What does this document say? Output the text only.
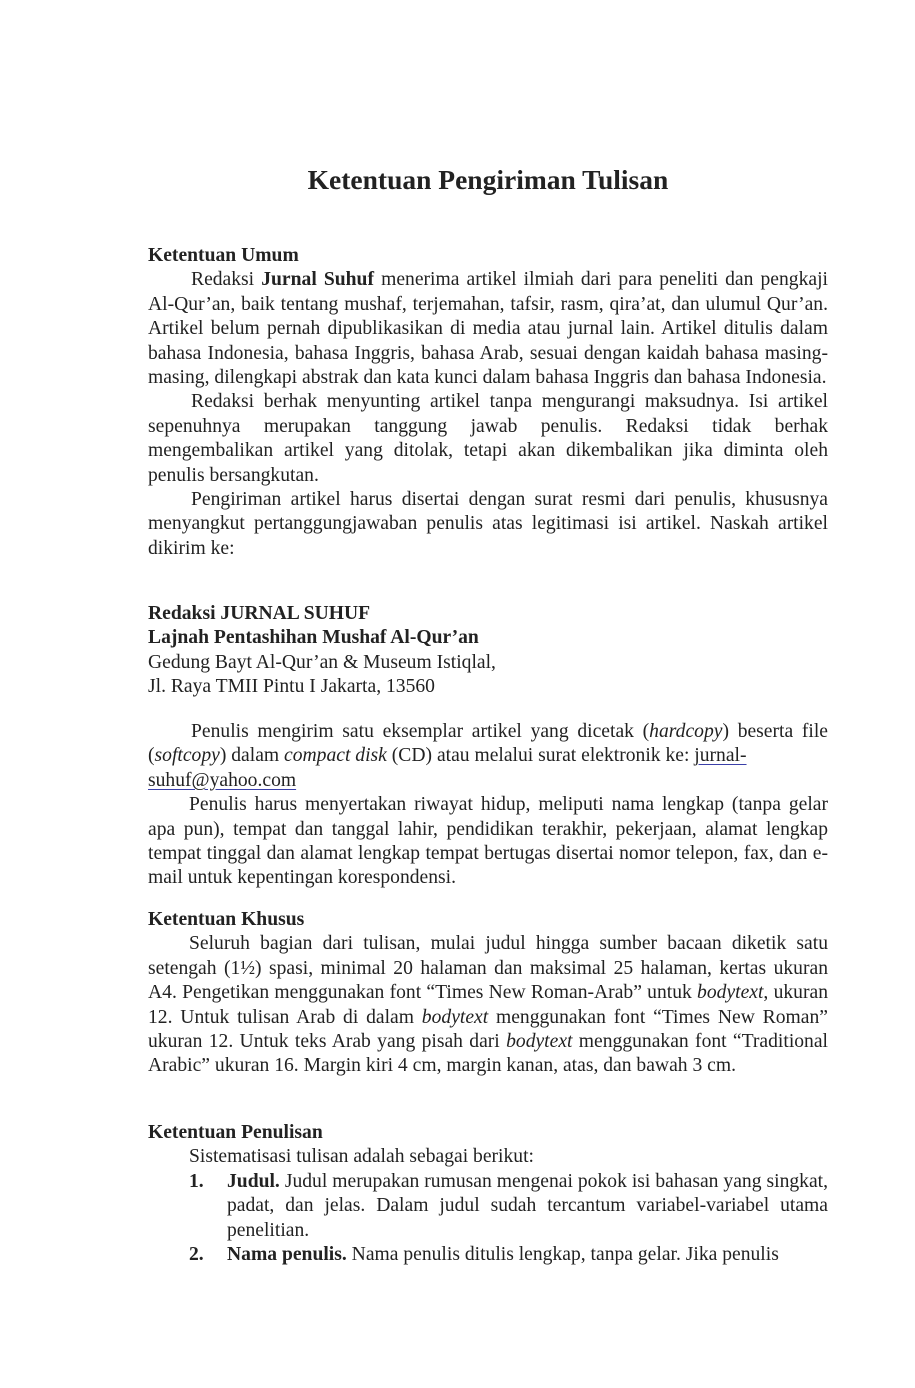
Ketentuan Pengiriman Tulisan

Ketentuan Umum

Redaksi Jurnal Suhuf menerima artikel ilmiah dari para peneliti dan pengkaji Al-Qur’an, baik tentang mushaf, terjemahan, tafsir, rasm, qira’at, dan ulumul Qur’an. Artikel belum pernah dipublikasikan di media atau jurnal lain. Artikel ditulis dalam bahasa Indonesia, bahasa Inggris, bahasa Arab, sesuai dengan kaidah bahasa masing-masing, dilengkapi abstrak dan kata kunci dalam bahasa Inggris dan bahasa Indonesia.

Redaksi berhak menyunting artikel tanpa mengurangi maksudnya. Isi artikel sepenuhnya merupakan tanggung jawab penulis. Redaksi tidak berhak mengembalikan artikel yang ditolak, tetapi akan dikembalikan jika diminta oleh penulis bersangkutan.

Pengiriman artikel harus disertai dengan surat resmi dari penulis, khususnya menyangkut pertanggungjawaban penulis atas legitimasi isi artikel. Naskah artikel dikirim ke:

Redaksi JURNAL SUHUF

Lajnah Pentashihan Mushaf Al-Qur’an

Gedung Bayt Al-Qur’an & Museum Istiqlal,

Jl. Raya TMII Pintu I Jakarta, 13560

Penulis mengirim satu eksemplar artikel yang dicetak (hardcopy) beserta file (softcopy) dalam compact disk (CD) atau melalui surat elektronik ke: jurnal-
suhuf@yahoo.com

Penulis harus menyertakan riwayat hidup, meliputi nama lengkap (tanpa gelar apa pun), tempat dan tanggal lahir, pendidikan terakhir, pekerjaan, alamat lengkap tempat tinggal dan alamat lengkap tempat bertugas disertai nomor telepon, fax, dan e-mail untuk kepentingan korespondensi.

Ketentuan Khusus

Seluruh bagian dari tulisan, mulai judul hingga sumber bacaan diketik satu setengah (1½) spasi, minimal 20 halaman dan maksimal 25 halaman, kertas ukuran A4. Pengetikan menggunakan font “Times New Roman-Arab” untuk bodytext, ukuran 12. Untuk tulisan Arab di dalam bodytext menggunakan font “Times New Roman” ukuran 12. Untuk teks Arab yang pisah dari bodytext menggunakan font “Traditional Arabic” ukuran 16. Margin kiri 4 cm, margin kanan, atas, dan bawah 3 cm.

Ketentuan Penulisan

Sistematisasi tulisan adalah sebagai berikut:

1. Judul. Judul merupakan rumusan mengenai pokok isi bahasan yang singkat, padat, dan jelas. Dalam judul sudah tercantum variabel-variabel utama penelitian.
2. Nama penulis. Nama penulis ditulis lengkap, tanpa gelar. Jika penulis
